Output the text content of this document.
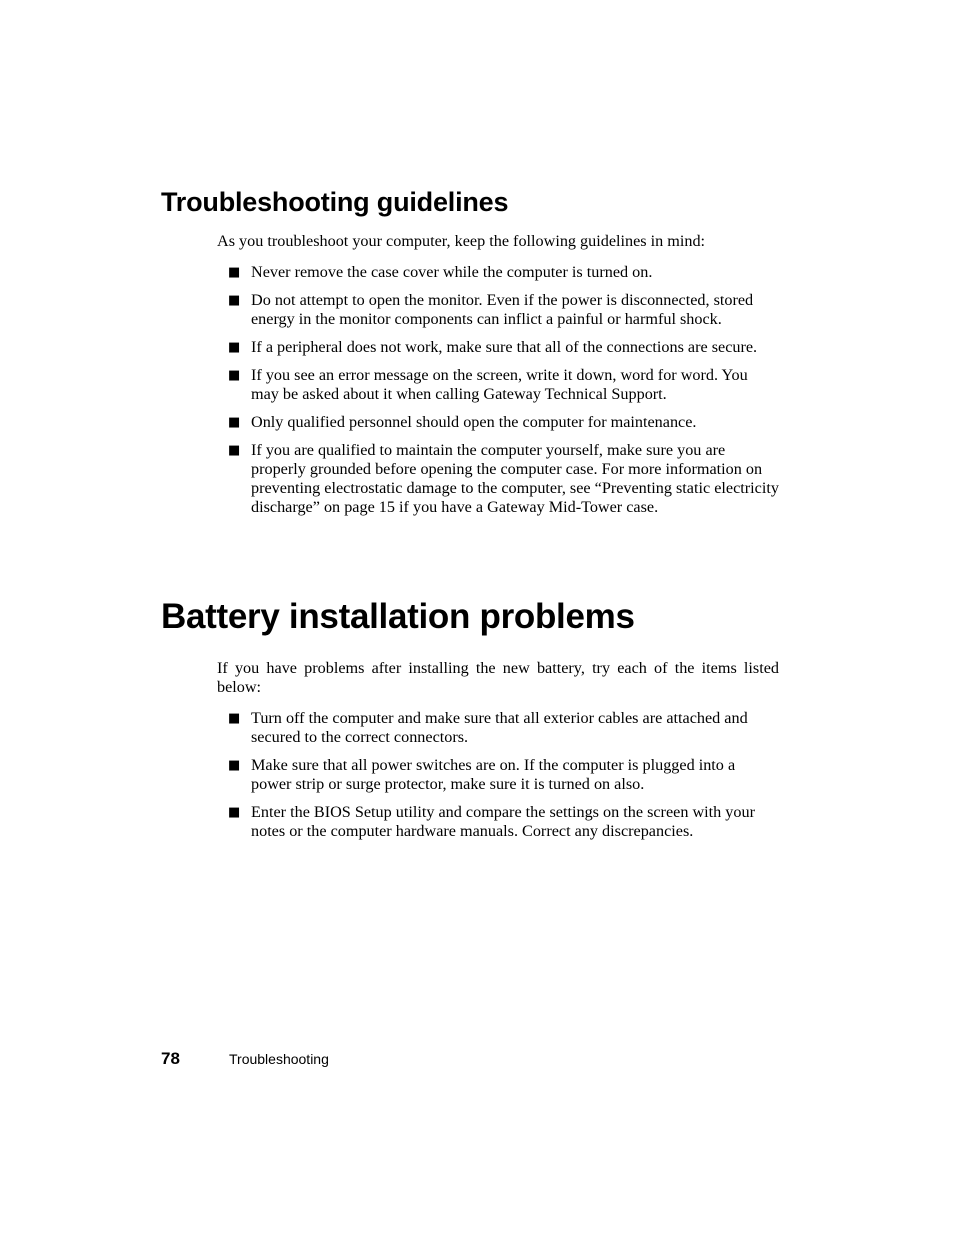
Troubleshooting guidelines

As you troubleshoot your computer, keep the following guidelines in mind:

■ Never remove the case cover while the computer is turned on.
■ Do not attempt to open the monitor. Even if the power is disconnected, stored energy in the monitor components can inflict a painful or harmful shock.
■ If a peripheral does not work, make sure that all of the connections are secure.
■ If you see an error message on the screen, write it down, word for word. You may be asked about it when calling Gateway Technical Support.
■ Only qualified personnel should open the computer for maintenance.
■ If you are qualified to maintain the computer yourself, make sure you are properly grounded before opening the computer case. For more information on preventing electrostatic damage to the computer, see “Preventing static electricity discharge” on page 15 if you have a Gateway Mid-Tower case.
Battery installation problems

If you have problems after installing the new battery, try each of the items listed below:

■ Turn off the computer and make sure that all exterior cables are attached and secured to the correct connectors.
■ Make sure that all power switches are on. If the computer is plugged into a power strip or surge protector, make sure it is turned on also.
■ Enter the BIOS Setup utility and compare the settings on the screen with your notes or the computer hardware manuals. Correct any discrepancies.
78	Troubleshooting
